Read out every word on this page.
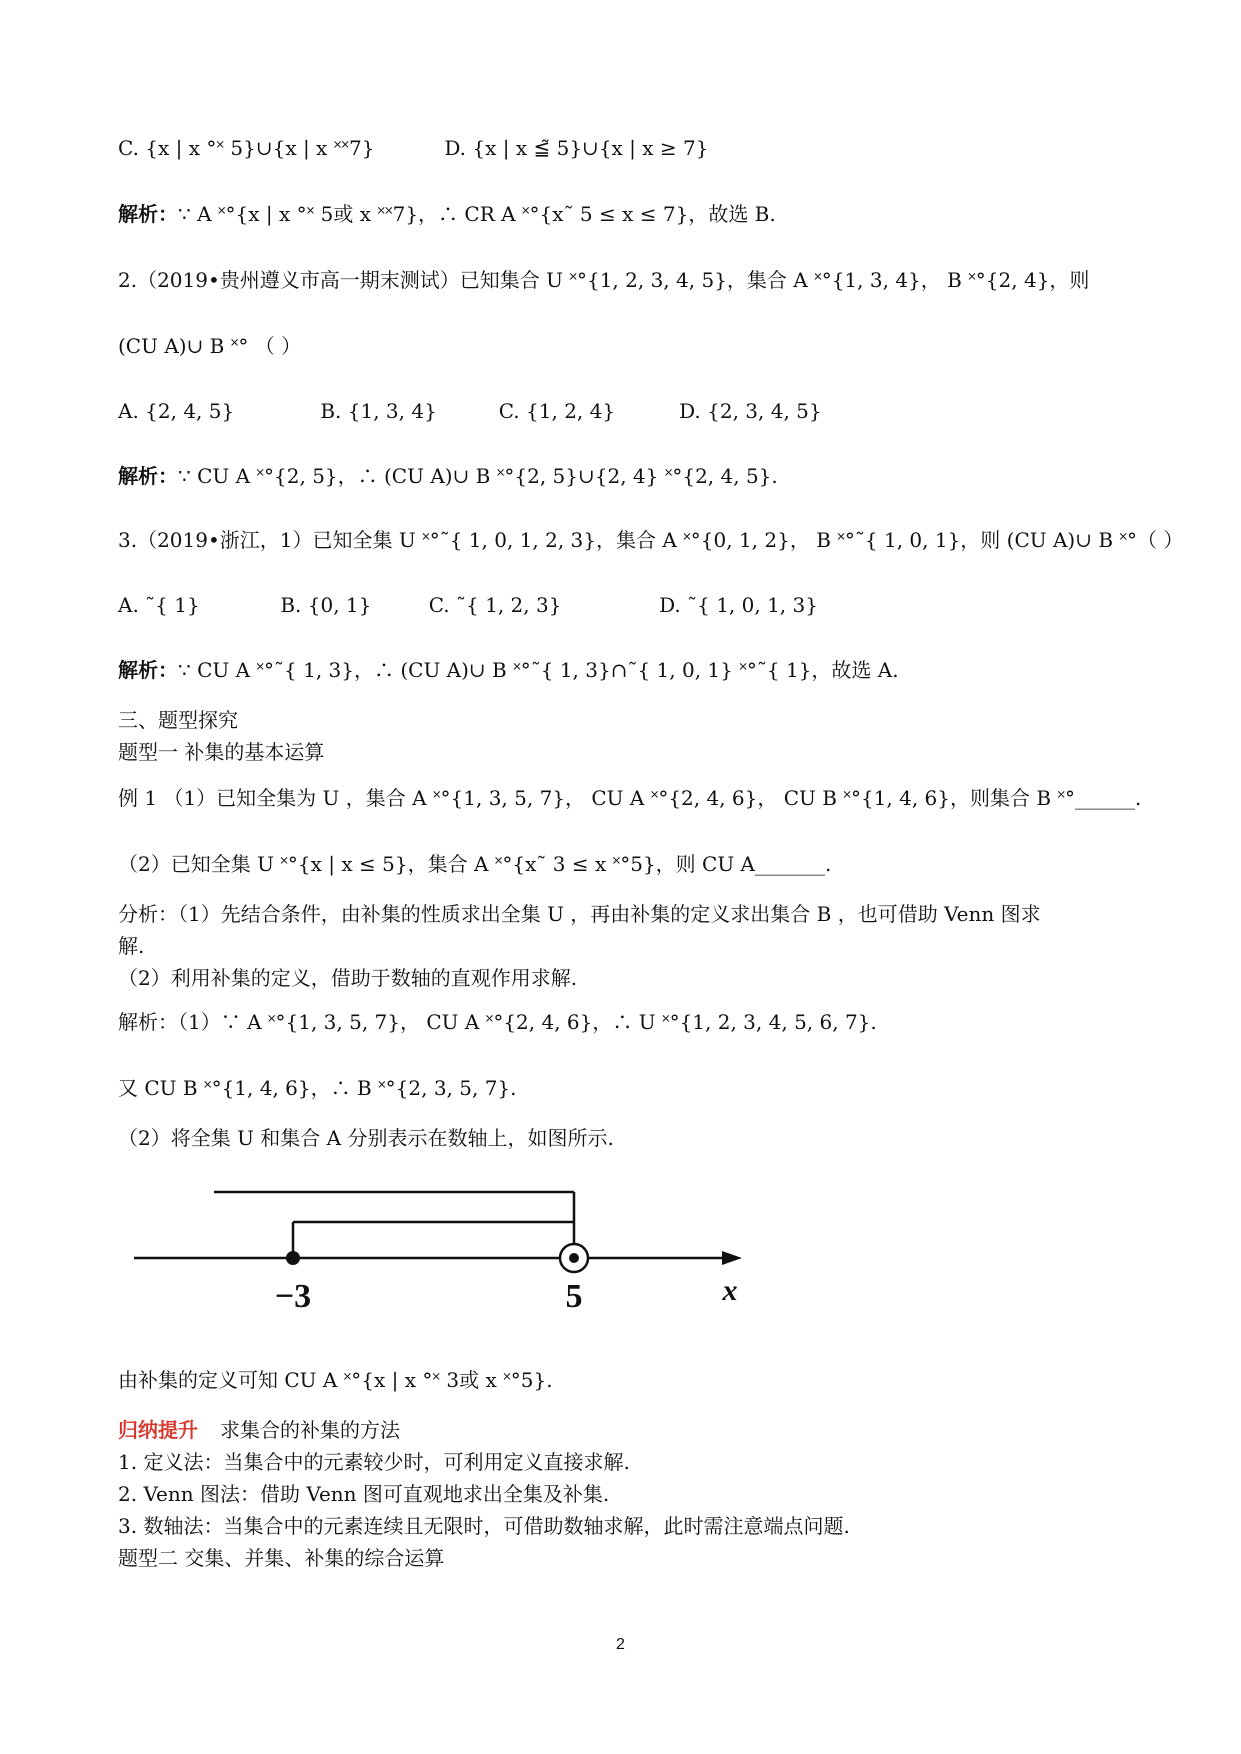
C. {x | x °˟ 5}∪{x | x ˟˟7}	D. {x | x ≦̃ 5}∪{x | x ≥ 7}
解析：∵ A ˟°{x | x °˟ 5或 x ˟˟7}，∴ CR A ˟°{x˜ 5 ≤ x ≤ 7}，故选 B.
2.（2019•贵州遵义市高一期末测试）已知集合 U ˟°{1, 2, 3, 4, 5}，集合 A ˟°{1, 3, 4}， B ˟°{2, 4}，则
(CU A)∪ B ˟° （ ）
A. {2, 4, 5}	B. {1, 3, 4}	C. {1, 2, 4}	D. {2, 3, 4, 5}
解析：∵ CU A ˟°{2, 5}，∴ (CU A)∪ B ˟°{2, 5}∪{2, 4} ˟°{2, 4, 5}.
3.（2019•浙江，1）已知全集 U ˟°˜{ 1, 0, 1, 2, 3}，集合 A ˟°{0, 1, 2}， B ˟°˜{ 1, 0, 1}，则 (CU A)∪ B ˟°（ ）
A. ˜{ 1}	B. {0, 1}	C. ˜{ 1, 2, 3}	D. ˜{ 1, 0, 1, 3}
解析：∵ CU A ˟°˜{ 1, 3}，∴ (CU A)∪ B ˟°˜{ 1, 3}∩˜{ 1, 0, 1} ˟°˜{ 1}，故选 A.
三、题型探究
题型一 补集的基本运算
例 1 （1）已知全集为 U ，集合 A ˟°{1, 3, 5, 7}， CU A ˟°{2, 4, 6}， CU B ˟°{1, 4, 6}，则集合 B ˟°______.
（2）已知全集 U ˟°{x | x ≤ 5}，集合 A ˟°{x˜ 3 ≤ x ˟°5}，则 CU A_______.
分析：（1）先结合条件，由补集的性质求出全集 U ，再由补集的定义求出集合 B ，也可借助 Venn 图求
解.
（2）利用补集的定义，借助于数轴的直观作用求解.
解析：（1）∵ A ˟°{1, 3, 5, 7}， CU A ˟°{2, 4, 6}，∴ U ˟°{1, 2, 3, 4, 5, 6, 7}.
又 CU B ˟°{1, 4, 6}，∴ B ˟°{2, 3, 5, 7}.
（2）将全集 U 和集合 A 分别表示在数轴上，如图所示.
−3	5	x
由补集的定义可知 CU A ˟°{x | x °˟ 3或 x ˟°5}.
归纳提升 求集合的补集的方法
1. 定义法：当集合中的元素较少时，可利用定义直接求解.
2. Venn 图法：借助 Venn 图可直观地求出全集及补集.
3. 数轴法：当集合中的元素连续且无限时，可借助数轴求解，此时需注意端点问题.
题型二 交集、并集、补集的综合运算
2
